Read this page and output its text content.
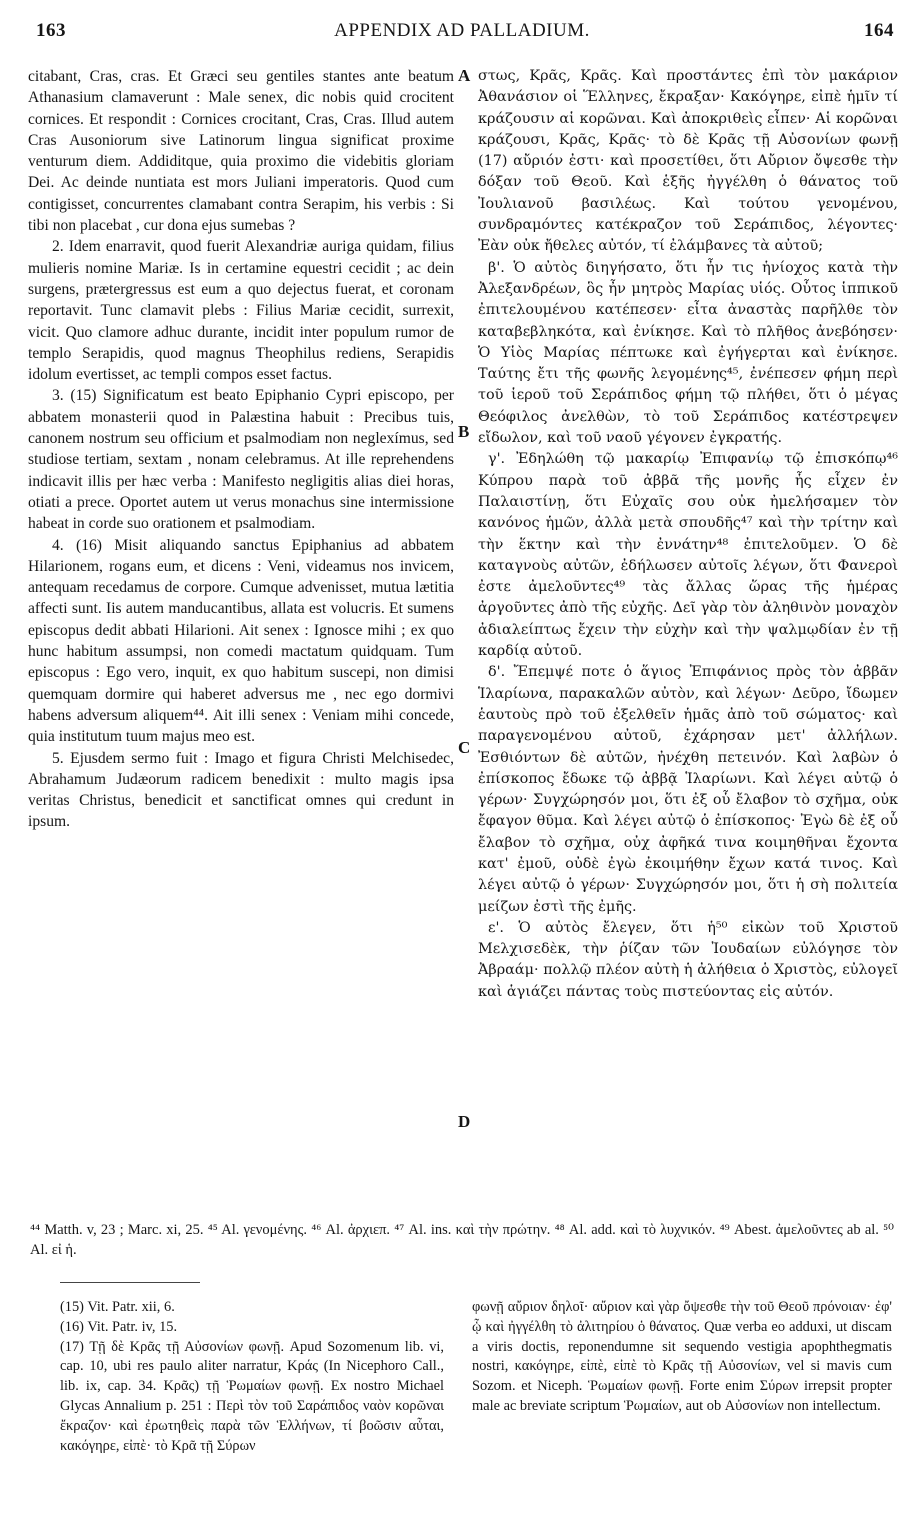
163	APPENDIX AD PALLADIUM.	164

citabant, Cras, cras. Et Græci seu gentiles stantes ante beatum Athanasium clamaverunt : Male senex, dic nobis quid crocitent cornices. Et respondit : Cornices crocitant, Cras, Cras. Illud autem Cras Ausoniorum sive Latinorum lingua significat proxime venturum diem. Addiditque, quia proximo die videbitis gloriam Dei. Ac deinde nuntiata est mors Juliani imperatoris. Quod cum contigisset, concurrentes clamabant contra Serapim, his verbis : Si tibi non placebat , cur dona ejus sumebas ?

2. Idem enarravit, quod fuerit Alexandriæ auriga quidam, filius mulieris nomine Mariæ. Is in certamine equestri cecidit ; ac dein surgens, prætergressus est eum a quo dejectus fuerat, et coronam reportavit. Tunc clamavit plebs : Filius Mariæ cecidit, surrexit, vicit. Quo clamore adhuc durante, incidit inter populum rumor de templo Serapidis, quod magnus Theophilus rediens, Serapidis idolum evertisset, ac templi compos esset factus.

3. (15) Significatum est beato Epiphanio Cypri episcopo, per abbatem monasterii quod in Palæstina habuit : Precibus tuis, canonem nostrum seu officium et psalmodiam non neglexímus, sed studiose tertiam, sextam , nonam celebramus. At ille reprehendens indicavit illis per hæc verba : Manifesto negligitis alias diei horas, otiati a prece. Oportet autem ut verus monachus sine intermissione habeat in corde suo orationem et psalmodiam.

4. (16) Misit aliquando sanctus Epiphanius ad abbatem Hilarionem, rogans eum, et dicens : Veni, videamus nos invicem, antequam recedamus de corpore. Cumque advenisset, mutua lætitia affecti sunt. Iis autem manducantibus, allata est volucris. Et sumens episcopus dedit abbati Hilarioni. Ait senex : Ignosce mihi ; ex quo hunc habitum assumpsi, non comedi mactatum quidquam. Tum episcopus : Ego vero, inquit, ex quo habitum suscepi, non dimisi quemquam dormire qui haberet adversus me , nec ego dormivi habens adversum aliquem⁴⁴. Ait illi senex : Veniam mihi concede, quia institutum tuum majus meo est.

5. Ejusdem sermo fuit : Imago et figura Christi Melchisedec, Abrahamum Judæorum radicem benedixit : multo magis ipsa veritas Christus, benedicit et sanctificat omnes qui credunt in ipsum.

A
B
C
D

στως, Κρᾶς, Κρᾶς. Καὶ προστάντες ἐπὶ τὸν μακάριον Ἀθανάσιον οἱ Ἕλληνες, ἔκραξαν· Κακόγηρε, εἰπὲ ἡμῖν τί κράζουσιν αἱ κορῶναι. Καὶ ἀποκριθεὶς εἶπεν· Αἱ κορῶναι κράζουσι, Κρᾶς, Κρᾶς· τὸ δὲ Κρᾶς τῇ Αὐσονίων φωνῇ (17) αὔριόν ἐστι· καὶ προσετίθει, ὅτι Αὔριον ὄψεσθε τὴν δόξαν τοῦ Θεοῦ. Καὶ ἑξῆς ἠγγέλθη ὁ θάνατος τοῦ Ἰουλιανοῦ βασιλέως. Καὶ τούτου γενομένου, συνδραμόντες κατέκραζον τοῦ Σεράπιδος, λέγοντες· Ἐὰν οὐκ ἤθελες αὐτόν, τί ἐλάμβανες τὰ αὐτοῦ;

β'. Ὁ αὐτὸς διηγήσατο, ὅτι ἦν τις ἡνίοχος κατὰ τὴν Ἀλεξανδρέων, ὃς ἦν μητρὸς Μαρίας υἱός. Οὗτος ἱππικοῦ ἐπιτελουμένου κατέπεσεν· εἶτα ἀναστὰς παρῆλθε τὸν καταβεβληκότα, καὶ ἐνίκησε. Καὶ τὸ πλῆθος ἀνεβόησεν· Ὁ Υἱὸς Μαρίας πέπτωκε καὶ ἐγήγερται καὶ ἐνίκησε. Ταύτης ἔτι τῆς φωνῆς λεγομένης⁴⁵, ἐνέπεσεν φήμη περὶ τοῦ ἱεροῦ τοῦ Σεράπιδος φήμη τῷ πλήθει, ὅτι ὁ μέγας Θεόφιλος ἀνελθὼν, τὸ τοῦ Σεράπιδος κατέστρεψεν εἴδωλον, καὶ τοῦ ναοῦ γέγονεν ἐγκρατής.

γ'. Ἐδηλώθη τῷ μακαρίῳ Ἐπιφανίῳ τῷ ἐπισκόπῳ⁴⁶ Κύπρου παρὰ τοῦ ἀββᾶ τῆς μονῆς ἧς εἶχεν ἐν Παλαιστίνῃ, ὅτι Εὐχαῖς σου οὐκ ἠμελήσαμεν τὸν κανόνος ἡμῶν, ἀλλὰ μετὰ σπουδῆς⁴⁷ καὶ τὴν τρίτην καὶ τὴν ἕκτην καὶ τὴν ἐννάτην⁴⁸ ἐπιτελοῦμεν. Ὁ δὲ καταγνοὺς αὐτῶν, ἐδήλωσεν αὐτοῖς λέγων, ὅτι Φανεροὶ ἐστε ἀμελοῦντες⁴⁹ τὰς ἄλλας ὥρας τῆς ἡμέρας ἀργοῦντες ἀπὸ τῆς εὐχῆς. Δεῖ γὰρ τὸν ἀληθινὸν μοναχὸν ἀδιαλείπτως ἔχειν τὴν εὐχὴν καὶ τὴν ψαλμῳδίαν ἐν τῇ καρδίᾳ αὐτοῦ.

δ'. Ἔπεμψέ ποτε ὁ ἅγιος Ἐπιφάνιος πρὸς τὸν ἀββᾶν Ἱλαρίωνα, παρακαλῶν αὐτὸν, καὶ λέγων· Δεῦρο, ἴδωμεν ἑαυτοὺς πρὸ τοῦ ἐξελθεῖν ἡμᾶς ἀπὸ τοῦ σώματος· καὶ παραγενομένου αὐτοῦ, ἐχάρησαν μετ' ἀλλήλων. Ἐσθιόντων δὲ αὐτῶν, ἠνέχθη πετεινόν. Καὶ λαβὼν ὁ ἐπίσκοπος ἔδωκε τῷ ἀββᾷ Ἱλαρίωνι. Καὶ λέγει αὐτῷ ὁ γέρων· Συγχώρησόν μοι, ὅτι ἐξ οὗ ἔλαβον τὸ σχῆμα, οὐκ ἔφαγον θῦμα. Καὶ λέγει αὐτῷ ὁ ἐπίσκοπος· Ἐγὼ δὲ ἐξ οὗ ἔλαβον τὸ σχῆμα, οὐχ ἀφῆκά τινα κοιμηθῆναι ἔχοντα κατ' ἐμοῦ, οὐδὲ ἐγὼ ἐκοιμήθην ἔχων κατά τινος. Καὶ λέγει αὐτῷ ὁ γέρων· Συγχώρησόν μοι, ὅτι ἡ σὴ πολιτεία μείζων ἐστὶ τῆς ἐμῆς.

ε'. Ὁ αὐτὸς ἔλεγεν, ὅτι ἡ⁵⁰ εἰκὼν τοῦ Χριστοῦ Μελχισεδὲκ, τὴν ῥίζαν τῶν Ἰουδαίων εὐλόγησε τὸν Ἀβραάμ· πολλῷ πλέον αὐτὴ ἡ ἀλήθεια ὁ Χριστὸς, εὐλογεῖ καὶ ἁγιάζει πάντας τοὺς πιστεύοντας εἰς αὐτόν.

⁴⁴ Matth. v, 23 ; Marc. xi, 25. ⁴⁵ Al. γενομένης. ⁴⁶ Al. ἀρχιεπ. ⁴⁷ Al. ins. καὶ τὴν πρώτην. ⁴⁸ Al. add. καὶ τὸ λυχνικόν. ⁴⁹ Abest. ἀμελοῦντες ab al. ⁵⁰ Al. εἰ ἡ.

(15) Vit. Patr. xii, 6.

(16) Vit. Patr. iv, 15.

(17) Τῇ δὲ Κρᾶς τῇ Αὐσονίων φωνῇ. Apud Sozomenum lib. vi, cap. 10, ubi res paulo aliter narratur, Κράς (In Nicephoro Call., lib. ix, cap. 34. Κρᾶς) τῇ Ῥωμαίων φωνῇ. Ex nostro Michael Glycas Annalium p. 251 : Περὶ τὸν τοῦ Σαράπιδος ναὸν κορῶναι ἔκραζον· καὶ ἐρωτηθεὶς παρὰ τῶν Ἑλλήνων, τί βοῶσιν αὗται, κακόγηρε, εἰπὲ· τὸ Κρᾶ τῇ Σύρων

φωνῇ αὔριον δηλοῖ· αὔριον καὶ γὰρ ὄψεσθε τὴν τοῦ Θεοῦ πρόνοιαν· ἐφ' ᾧ καὶ ἠγγέλθη τὸ ἀλιτηρίου ὁ θάνατος. Quæ verba eo adduxi, ut discam a viris doctis, reponendumne sit sequendo vestigia apophthegmatis nostri, κακόγηρε, εἰπὲ, εἰπὲ τὸ Κρᾶς τῇ Αὐσονίων, vel si mavis cum Sozom. et Niceph. Ῥωμαίων φωνῇ. Forte enim Σύρων irrepsit propter male ac breviate scriptum Ῥωμαίων, aut ob Αὐσονίων non intellectum.
